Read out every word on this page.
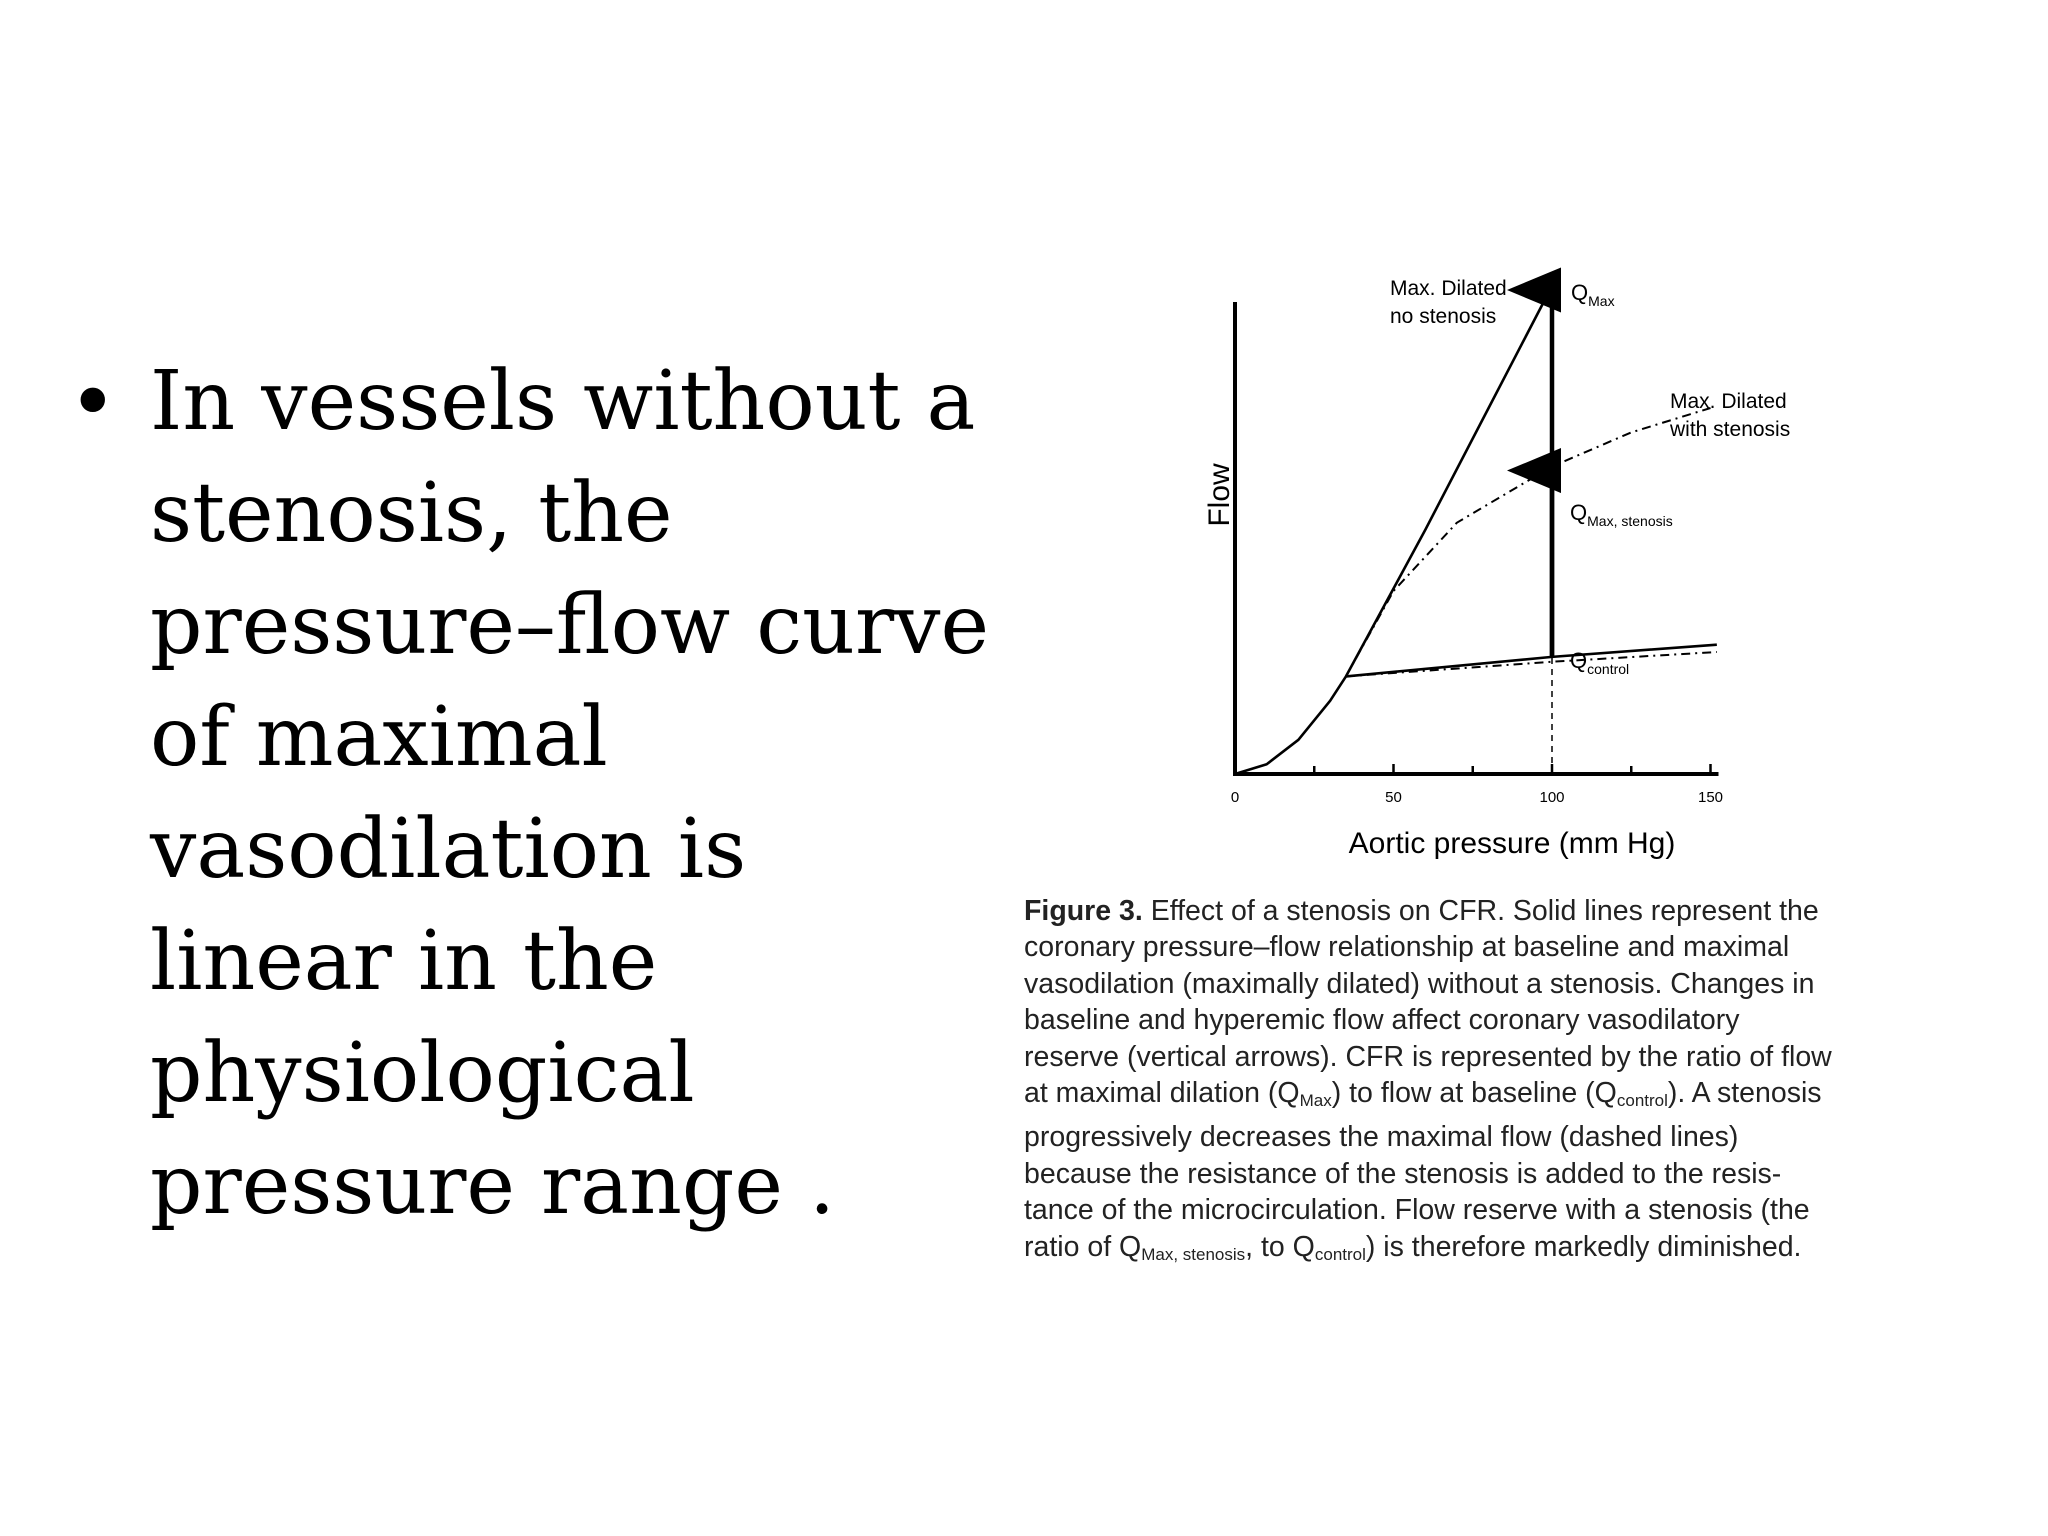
• In vessels without a
stenosis, the
pressure–flow curve
of maximal
vasodilation is
linear in the
physiological
pressure range .
0	50	100	150
Max. Dilated
no stenosis
Max. Dilated
with stenosis
QMax
QMax, stenosis
Qcontrol
Aortic pressure (mm Hg)
Flow
Figure 3. Effect of a stenosis on CFR. Solid lines represent the
coronary pressure–flow relationship at baseline and maximal
vasodilation (maximally dilated) without a stenosis. Changes in
baseline and hyperemic flow affect coronary vasodilatory
reserve (vertical arrows). CFR is represented by the ratio of flow
at maximal dilation $(Q_{Max})$ to flow at baseline $(Q_{control})$. A stenosis
progressively decreases the maximal flow (dashed lines)
because the resistance of the stenosis is added to the resis-
tance of the microcirculation. Flow reserve with a stenosis (the
ratio of $Q_{Max, stenosis}$, to $Q_{control}$) is therefore markedly diminished.
